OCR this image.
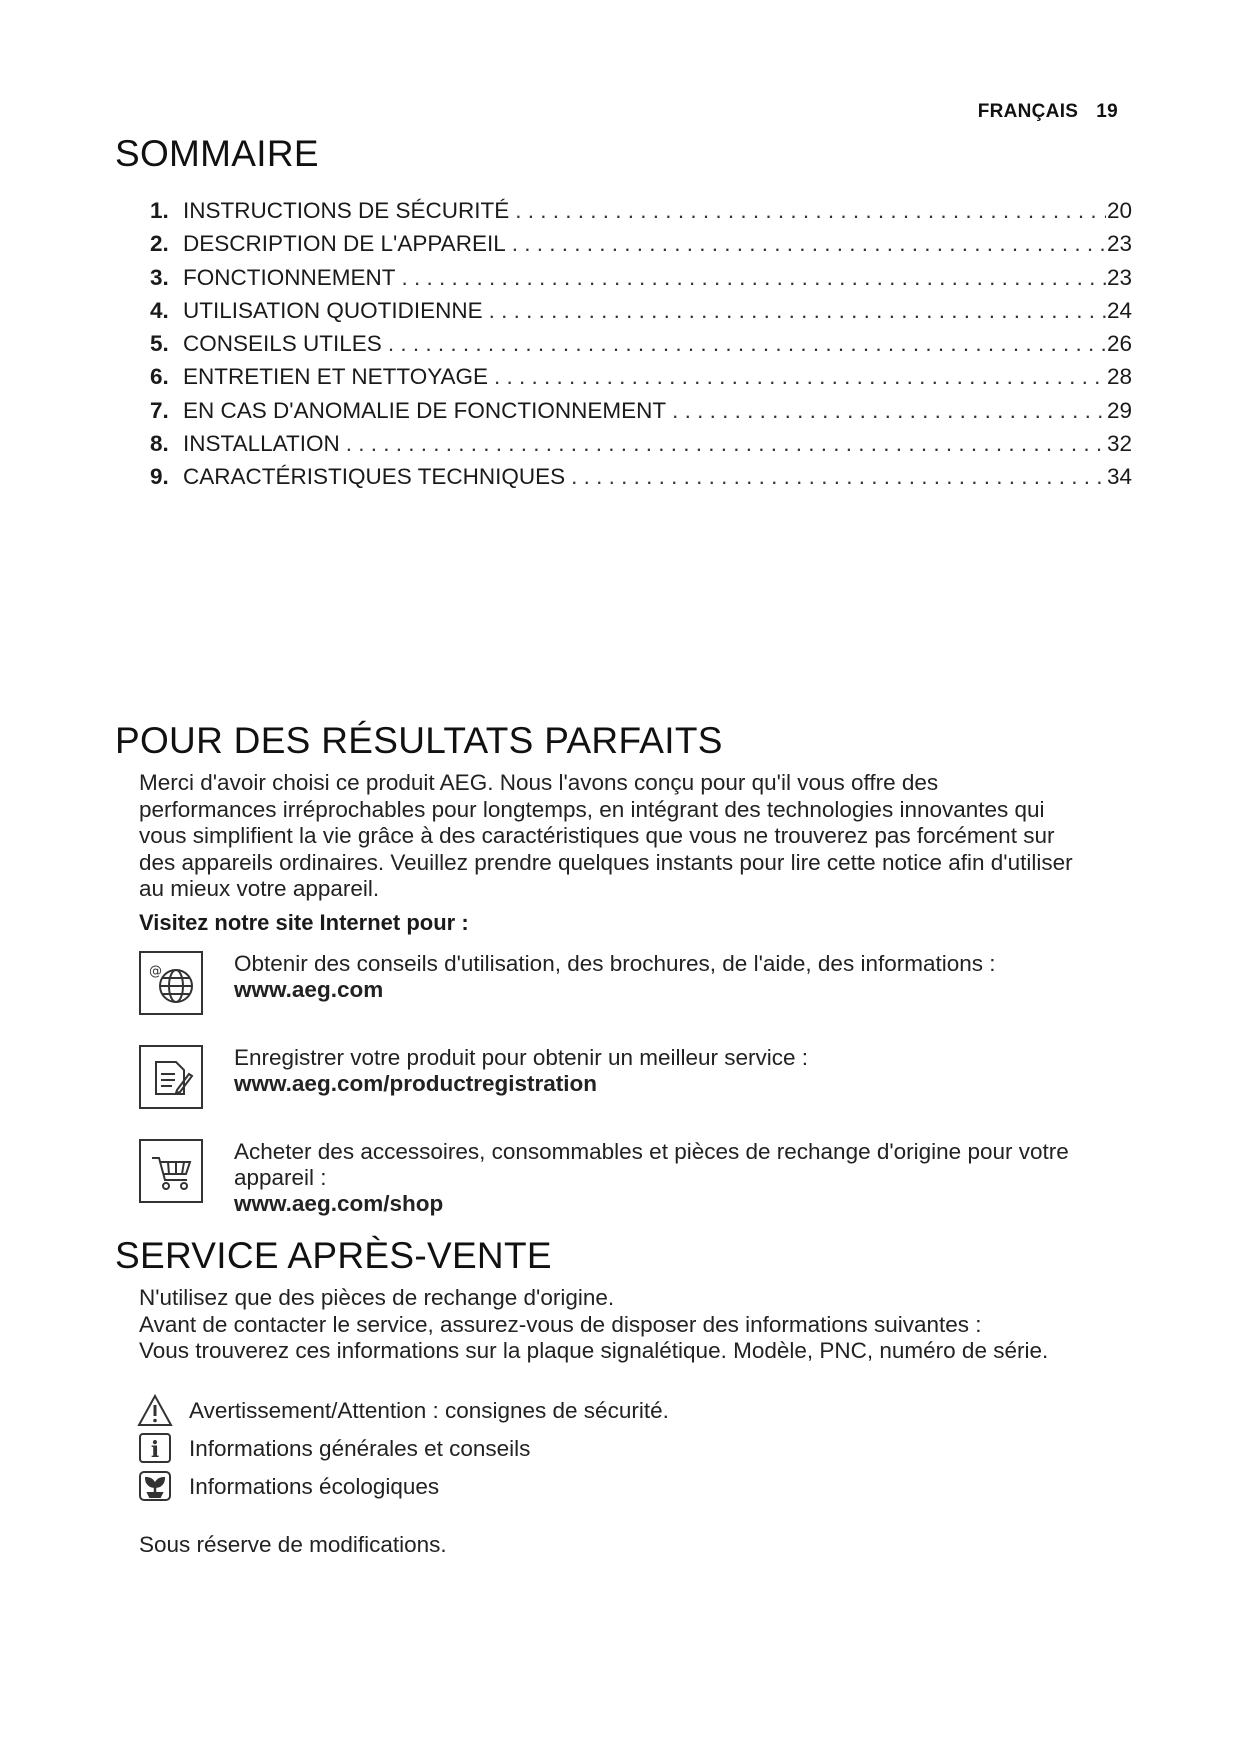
FRANÇAIS 19
SOMMAIRE
1. INSTRUCTIONS DE SÉCURITÉ . . .	20
2. DESCRIPTION DE L'APPAREIL . . .	23
3. FONCTIONNEMENT . . .	23
4. UTILISATION QUOTIDIENNE . . .	24
5. CONSEILS UTILES . . .	26
6. ENTRETIEN ET NETTOYAGE . . .	28
7. EN CAS D'ANOMALIE DE FONCTIONNEMENT . . .	29
8. INSTALLATION . . .	32
9. CARACTÉRISTIQUES TECHNIQUES . . .	34
POUR DES RÉSULTATS PARFAITS
Merci d'avoir choisi ce produit AEG. Nous l'avons conçu pour qu'il vous offre des
performances irréprochables pour longtemps, en intégrant des technologies innovantes qui
vous simplifient la vie grâce à des caractéristiques que vous ne trouverez pas forcément sur
des appareils ordinaires. Veuillez prendre quelques instants pour lire cette notice afin d'utiliser
au mieux votre appareil.
Visitez notre site Internet pour :
@	Obtenir des conseils d'utilisation, des brochures, de l'aide, des informations :
www.aeg.com
Enregistrer votre produit pour obtenir un meilleur service :
www.aeg.com/productregistration
Acheter des accessoires, consommables et pièces de rechange d'origine pour votre
appareil :
www.aeg.com/shop
SERVICE APRÈS-VENTE
N'utilisez que des pièces de rechange d'origine.
Avant de contacter le service, assurez-vous de disposer des informations suivantes :
Vous trouverez ces informations sur la plaque signalétique. Modèle, PNC, numéro de série.
Avertissement/Attention : consignes de sécurité.
i Informations générales et conseils
Informations écologiques
Sous réserve de modifications.
